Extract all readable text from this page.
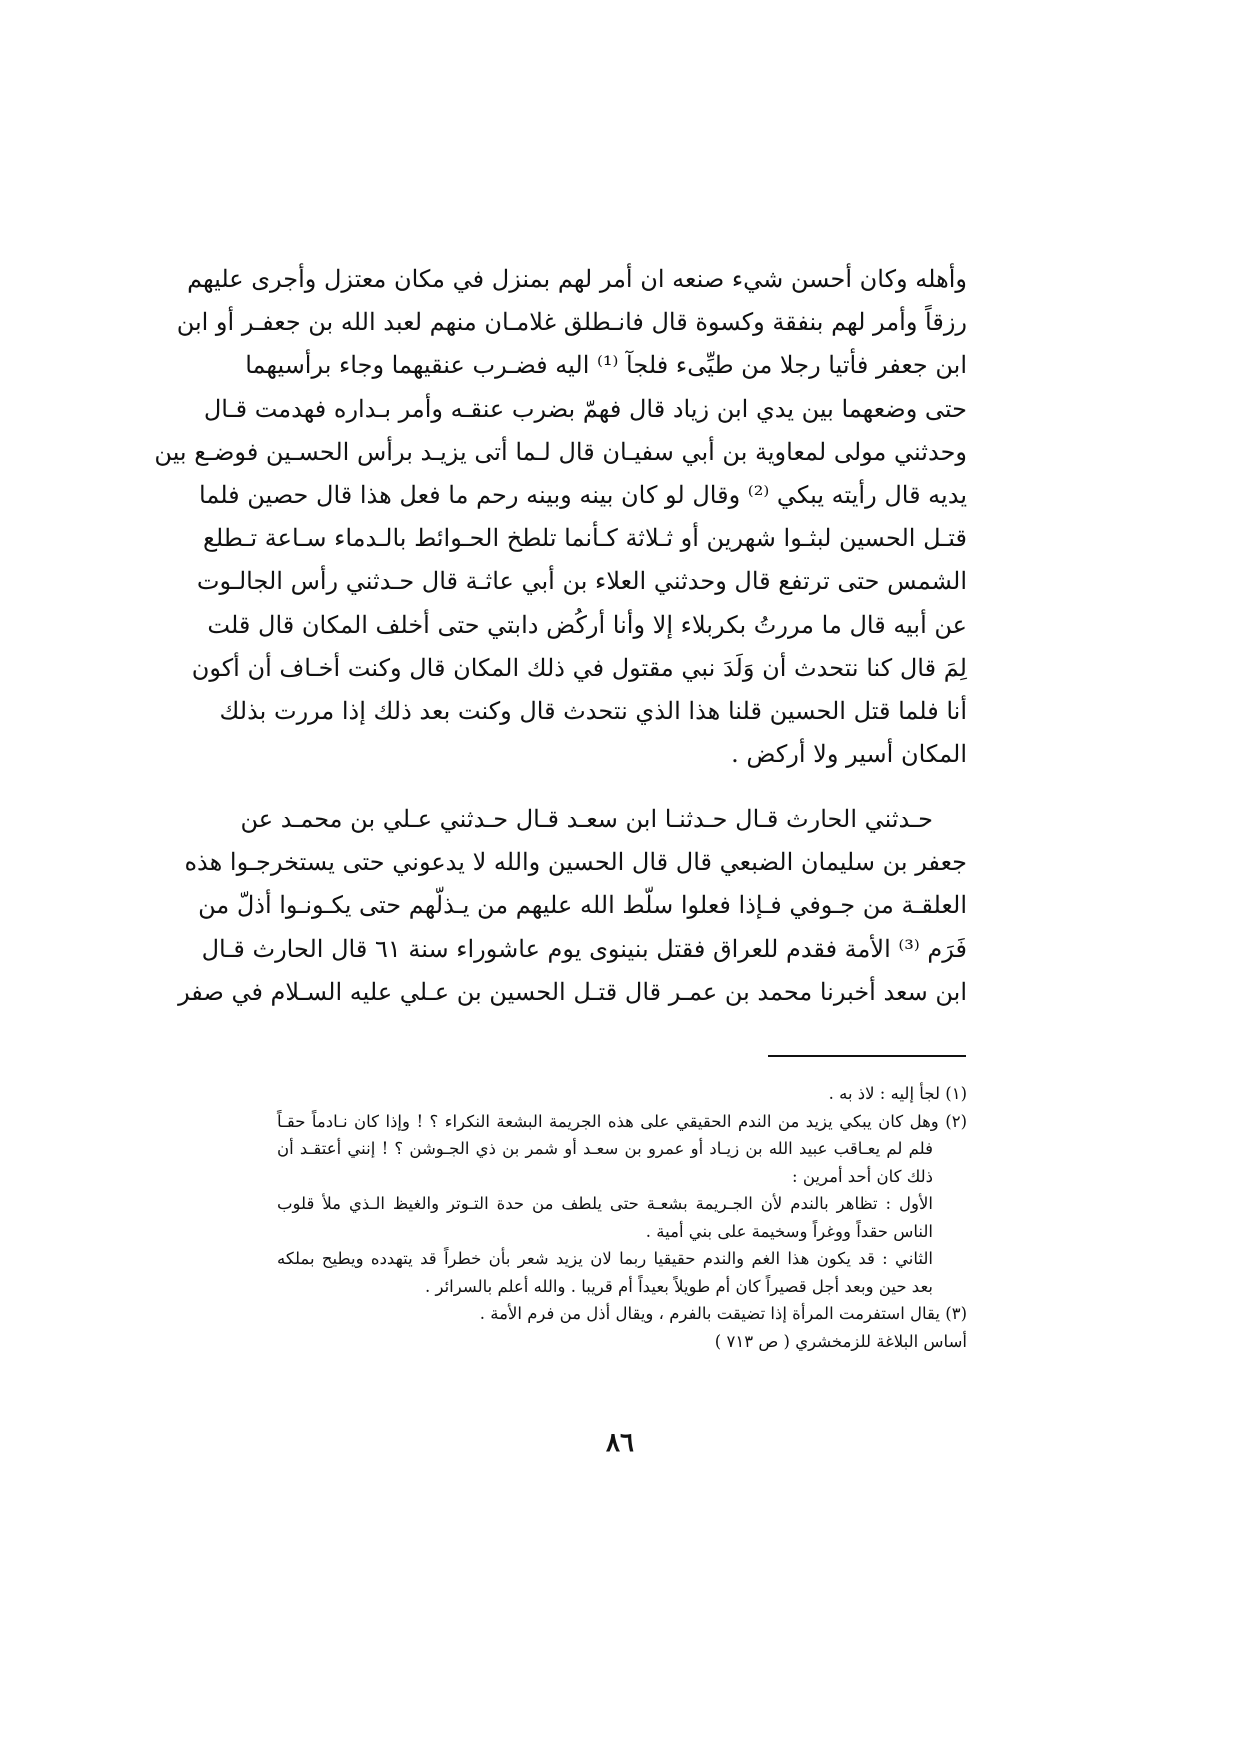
وأهله وكان أحسن شيء صنعه ان أمر لهم بمنزل في مكان معتزل وأجرى عليهم
رزقاً وأمر لهم بنفقة وكسوة قال فانـطلق غلامـان منهم لعبد الله بن جعفـر أو ابن
ابن جعفر فأتيا رجلا من طيِّىء فلجآ ⁽¹⁾ اليه فضـرب عنقيهما وجاء برأسيهما
حتى وضعهما بين يدي ابن زياد قال فهمّ بضرب عنقـه وأمر بـداره فهدمت قـال
وحدثني مولى لمعاوية بن أبي سفيـان قال لـما أتى يزيـد برأس الحسـين فوضـع بين
يديه قال رأيته يبكي ⁽²⁾ وقال لو كان بينه وبينه رحم ما فعل هذا قال حصين فلما
قتـل الحسين لبثـوا شهرين أو ثـلاثة كـأنما تلطخ الحـوائط بالـدماء سـاعة تـطلع
الشمس حتى ترتفع قال وحدثني العلاء بن أبي عاثـة قال حـدثني رأس الجالـوت
عن أبيه قال ما مررتُ بكربلاء إلا وأنا أركُض دابتي حتى أخلف المكان قال قلت
لِمَ قال كنا نتحدث أن وَلَدَ نبي مقتول في ذلك المكان قال وكنت أخـاف أن أكون
أنا فلما قتل الحسين قلنا هذا الذي نتحدث قال وكنت بعد ذلك إذا مررت بذلك
المكان أسير ولا أركض .
حـدثني الحارث قـال حـدثنـا ابن سعـد قـال حـدثني عـلي بن محمـد عن
جعفر بن سليمان الضبعي قال قال الحسين والله لا يدعوني حتى يستخرجـوا هذه
العلقـة من جـوفي فـإذا فعلوا سلّط الله عليهم من يـذلّهم حتى يكـونـوا أذلّ من
فَرَم ⁽³⁾ الأمة فقدم للعراق فقتل بنينوى يوم عاشوراء سنة ٦١ قال الحارث قـال
ابن سعد أخبرنا محمد بن عمـر قال قتـل الحسين بن عـلي عليه السـلام في صفر
(١) لجأ إليه : لاذ به .
(٢) وهل كان يبكي يزيد من الندم الحقيقي على هذه الجريمة البشعة النكراء ؟ ! وإذا كان نـادماً حقـاً
فلم لم يعـاقب عبيد الله بن زيـاد أو عمرو بن سعـد أو شمر بن ذي الجـوشن ؟ ! إنني أعتقـد أن
ذلك كان أحد أمرين :
الأول : تظاهر بالندم لأن الجـريمة بشعـة حتى يلطف من حدة التـوتر والغيظ الـذي ملأ قلوب
الناس حقداً ووغراً وسخيمة على بني أمية .
الثاني : قد يكون هذا الغم والندم حقيقيا ربما لان يزيد شعر بأن خطراً قد يتهدده ويطيح بملكه
بعد حين وبعد أجل قصيراً كان أم طويلاً بعيداً أم قريبا . والله أعلم بالسرائر .
(٣) يقال استفرمت المرأة إذا تضيقت بالفرم ، ويقال أذل من فرم الأمة .
أساس البلاغة للزمخشري ( ص ٧١٣ )
٨٦
